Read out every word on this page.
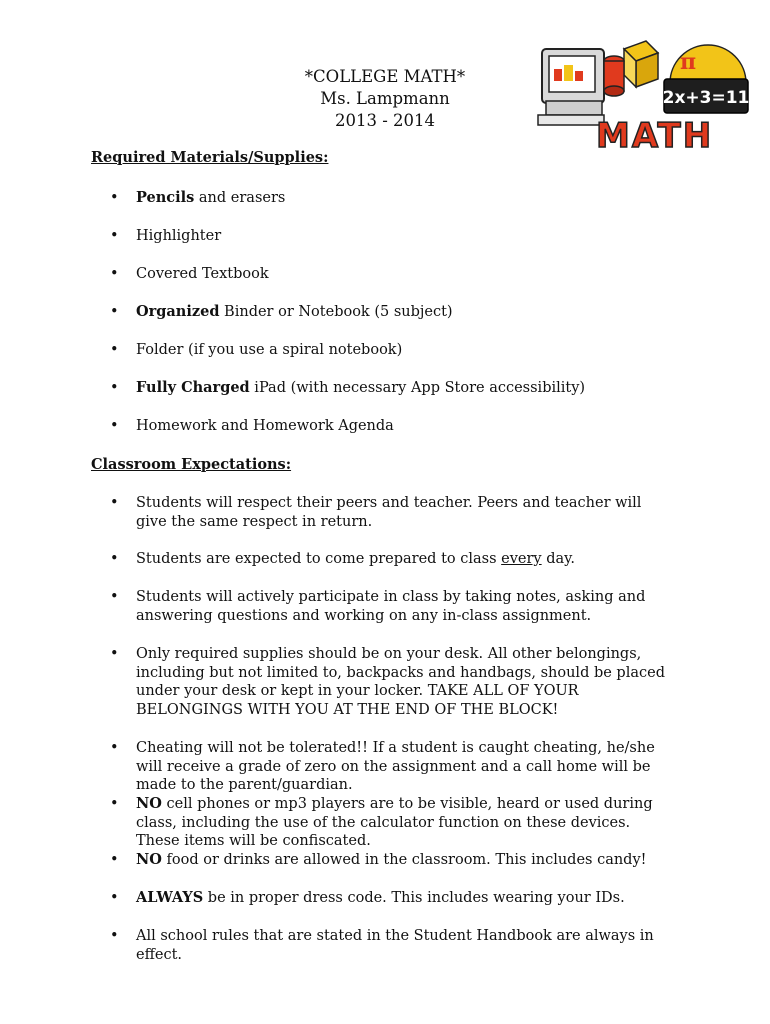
*COLLEGE MATH*
Ms. Lampmann
2013 - 2014
π
2x+3=11
MATH
Required Materials/Supplies:
• Pencils and erasers
• Highlighter
• Covered Textbook
• Organized Binder or Notebook (5 subject)
• Folder (if you use a spiral notebook)
• Fully Charged iPad (with necessary App Store accessibility)
• Homework and Homework Agenda
Classroom Expectations:
• Students will respect their peers and teacher. Peers and teacher will give the same respect in return.
• Students are expected to come prepared to class every day.
• Students will actively participate in class by taking notes, asking and answering questions and working on any in-class assignment.
• Only required supplies should be on your desk. All other belongings, including but not limited to, backpacks and handbags, should be placed under your desk or kept in your locker. TAKE ALL OF YOUR BELONGINGS WITH YOU AT THE END OF THE BLOCK!
• Cheating will not be tolerated!! If a student is caught cheating, he/she will receive a grade of zero on the assignment and a call home will be made to the parent/guardian.
• NO cell phones or mp3 players are to be visible, heard or used during class, including the use of the calculator function on these devices. These items will be confiscated.
• NO food or drinks are allowed in the classroom. This includes candy!
• ALWAYS be in proper dress code. This includes wearing your IDs.
• All school rules that are stated in the Student Handbook are always in effect.
